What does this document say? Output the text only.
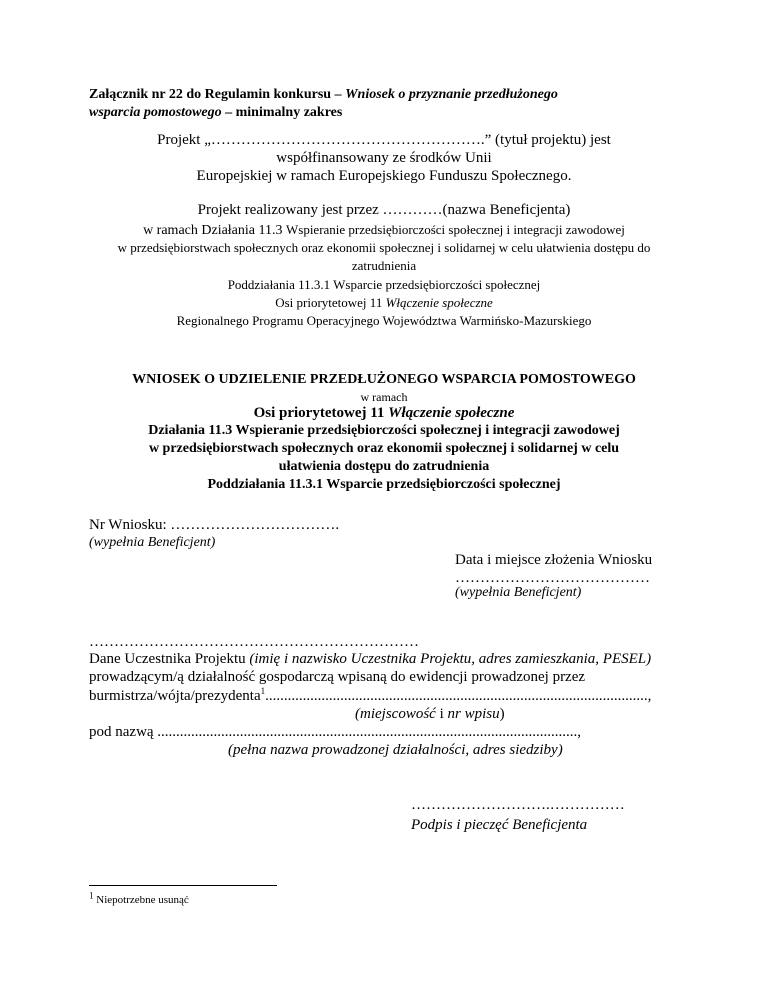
Załącznik nr 22 do Regulamin konkursu – Wniosek o przyznanie przedłużonego
wsparcia pomostowego – minimalny zakres
Projekt „……………………………………………….” (tytuł projektu) jest
współfinansowany ze środków Unii
Europejskiej w ramach Europejskiego Funduszu Społecznego.
Projekt realizowany jest przez …………(nazwa Beneficjenta)
w ramach Działania 11.3 Wspieranie przedsiębiorczości społecznej i integracji zawodowej
w przedsiębiorstwach społecznych oraz ekonomii społecznej i solidarnej w celu ułatwienia dostępu do
zatrudnienia
Poddziałania 11.3.1 Wsparcie przedsiębiorczości społecznej
Osi priorytetowej 11 Włączenie społeczne
Regionalnego Programu Operacyjnego Województwa Warmińsko-Mazurskiego
WNIOSEK O UDZIELENIE PRZEDŁUŻONEGO WSPARCIA POMOSTOWEGO
w ramach
Osi priorytetowej 11 Włączenie społeczne
Działania 11.3 Wspieranie przedsiębiorczości społecznej i integracji zawodowej
w przedsiębiorstwach społecznych oraz ekonomii społecznej i solidarnej w celu
ułatwienia dostępu do zatrudnienia
Poddziałania 11.3.1 Wsparcie przedsiębiorczości społecznej
Nr Wniosku: …………………………….
(wypełnia Beneficjent)
Data i miejsce złożenia Wniosku
…………………………………
(wypełnia Beneficjent)
…………………………………………………………
Dane Uczestnika Projektu (imię i nazwisko Uczestnika Projektu, adres zamieszkania, PESEL)
prowadzącym/ą działalność gospodarczą wpisaną do ewidencji prowadzonej przez
burmistrza/wójta/prezydenta$^1$......................................................................................................,
(miejscowość i nr wpisu)
pod nazwą ................................................................................................................,
(pełna nazwa prowadzonej działalności, adres siedziby)
……………………….……………
Podpis i pieczęć Beneficjenta
$^1$ Niepotrzebne usunąć
